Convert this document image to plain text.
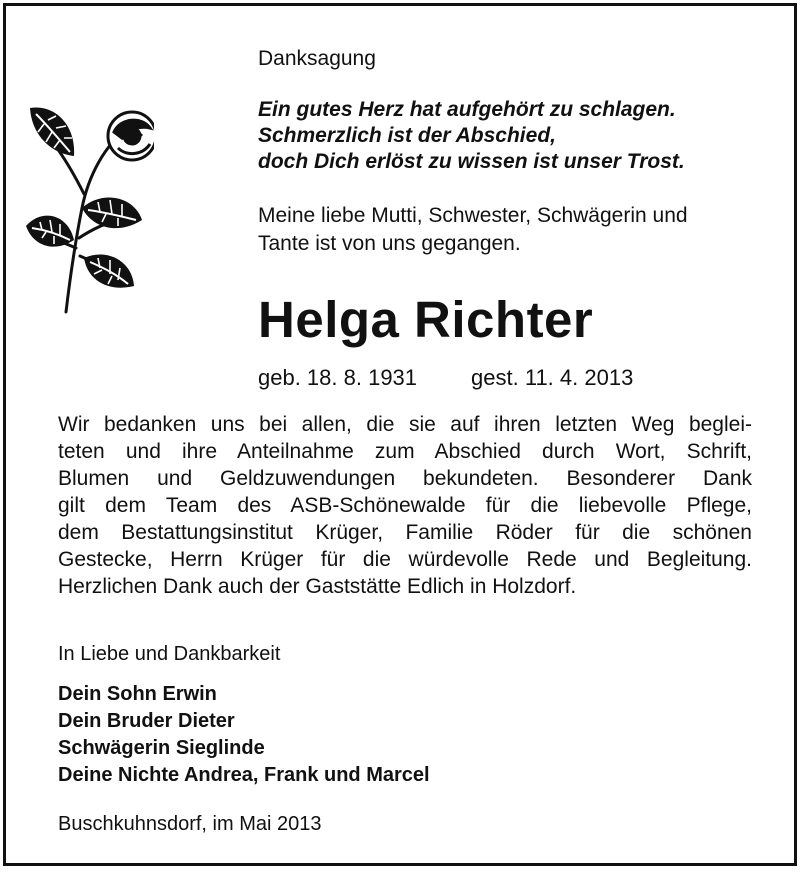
Danksagung
Ein gutes Herz hat aufgehört zu schlagen.
Schmerzlich ist der Abschied,
doch Dich erlöst zu wissen ist unser Trost.
Meine liebe Mutti, Schwester, Schwägerin und
Tante ist von uns gegangen.
Helga Richter
geb. 18. 8. 1931 gest. 11. 4. 2013
Wir bedanken uns bei allen, die sie auf ihren letzten Weg beglei-
teten und ihre Anteilnahme zum Abschied durch Wort, Schrift,
Blumen und Geldzuwendungen bekundeten. Besonderer Dank
gilt dem Team des ASB-Schönewalde für die liebevolle Pflege,
dem Bestattungsinstitut Krüger, Familie Röder für die schönen
Gestecke, Herrn Krüger für die würdevolle Rede und Begleitung.
Herzlichen Dank auch der Gaststätte Edlich in Holzdorf.
In Liebe und Dankbarkeit
Dein Sohn Erwin
Dein Bruder Dieter
Schwägerin Sieglinde
Deine Nichte Andrea, Frank und Marcel
Buschkuhnsdorf, im Mai 2013
